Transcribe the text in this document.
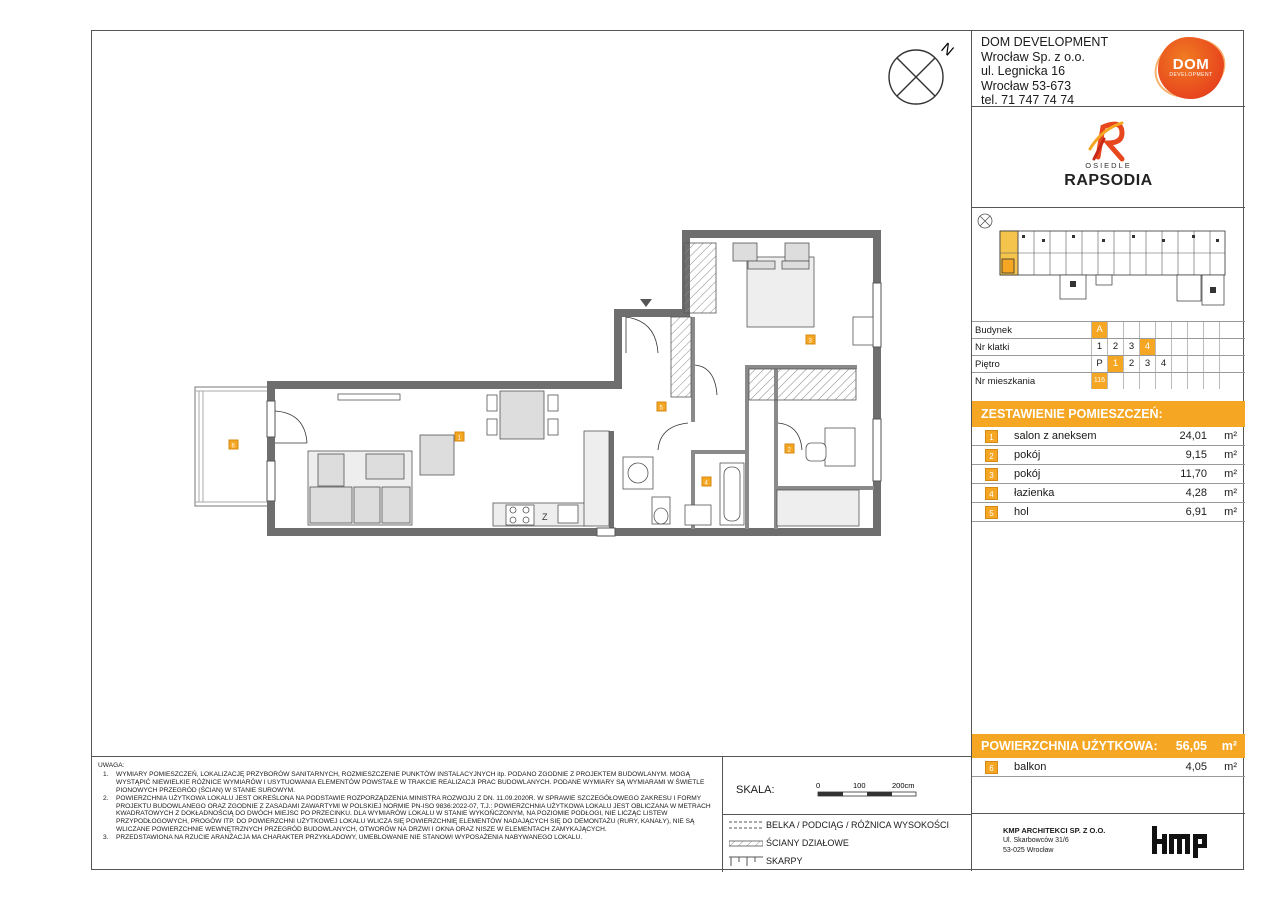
N
Z
1
2
3
4
5
6
UWAGA:
1. WYMIARY POMIESZCZEŃ, LOKALIZACJĘ PRZYBORÓW SANITARNYCH, ROZMIESZCZENIE PUNKTÓW INSTALACYJNYCH itp. PODANO ZGODNIE Z PROJEKTEM BUDOWLANYM. MOGĄ WYSTĄPIĆ NIEWIELKIE RÓŻNICE WYMIARÓW I USYTUOWANIA ELEMENTÓW POWSTAŁE W TRAKCIE REALIZACJI PRAC BUDOWLANYCH. PODANE WYMIARY SĄ WYMIARAMI W ŚWIETLE PIONOWYCH PRZEGRÓD (ŚCIAN) W STANIE SUROWYM.
2. POWIERZCHNIA UŻYTKOWA LOKALU JEST OKREŚLONA NA PODSTAWIE ROZPORZĄDZENIA MINISTRA ROZWOJU Z DN. 11.09.2020R. W SPRAWIE SZCZEGÓŁOWEGO ZAKRESU I FORMY PROJEKTU BUDOWLANEGO ORAZ ZGODNIE Z ZASADAMI ZAWARTYMI W POLSKIEJ NORMIE PN-ISO 9836:2022-07, T.J.: POWIERZCHNIA UŻYTKOWA LOKALU JEST OBLICZANA W METRACH KWADRATOWYCH Z DOKŁADNOŚCIĄ DO DWÓCH MIEJSC PO PRZECINKU. DLA WYMIARÓW LOKALU W STANIE WYKOŃCZONYM, NA POZIOMIE PODŁOGI, NIE LICZĄC LISTEW PRZYPODŁOGOWYCH, PROGÓW ITP. DO POWIERZCHNI UŻYTKOWEJ LOKALU WLICZA SIĘ POWIERZCHNIĘ ELEMENTÓW NADAJĄCYCH SIĘ DO DEMONTAŻU (RURY, KANAŁY), NIE SĄ WLICZANE POWIERZCHNIE WEWNĘTRZNYCH PRZEGRÓD BUDOWLANYCH, OTWORÓW NA DRZWI I OKNA ORAZ NISZE W ELEMENTACH ZAMYKAJĄCYCH.
3. PRZEDSTAWIONA NA RZUCIE ARANŻACJA MA CHARAKTER PRZYKŁADOWY, UMEBLOWANIE NIE STANOWI WYPOSAŻENIA NABYWANEGO LOKALU.
SKALA:	0	100	200cm
BELKA / PODCIĄG / RÓŻNICA WYSOKOŚCI
ŚCIANY DZIAŁOWE
SKARPY
DOM DEVELOPMENT
Wrocław Sp. z o.o.
ul. Legnicka 16
Wrocław 53-673
tel. 71 747 74 74
DOM
DEVELOPMENT
OSIEDLE
RAPSODIA
Budynek	A
Nr klatki	1	2	3	4
Piętro	P	1	2	3	4
Nr mieszkania	116
ZESTAWIENIE POMIESZCZEŃ:
1	salon z aneksem	24,01 m²
2	pokój	9,15 m²
3	pokój	11,70 m²
4	łazienka	4,28 m²
5	hol	6,91 m²
POWIERZCHNIA UŻYTKOWA: 56,05 m²
6	balkon	4,05 m²
KMP ARCHITEKCI SP. Z O.O.
Ul. Skarbowców 31/6
53-025 Wrocław
